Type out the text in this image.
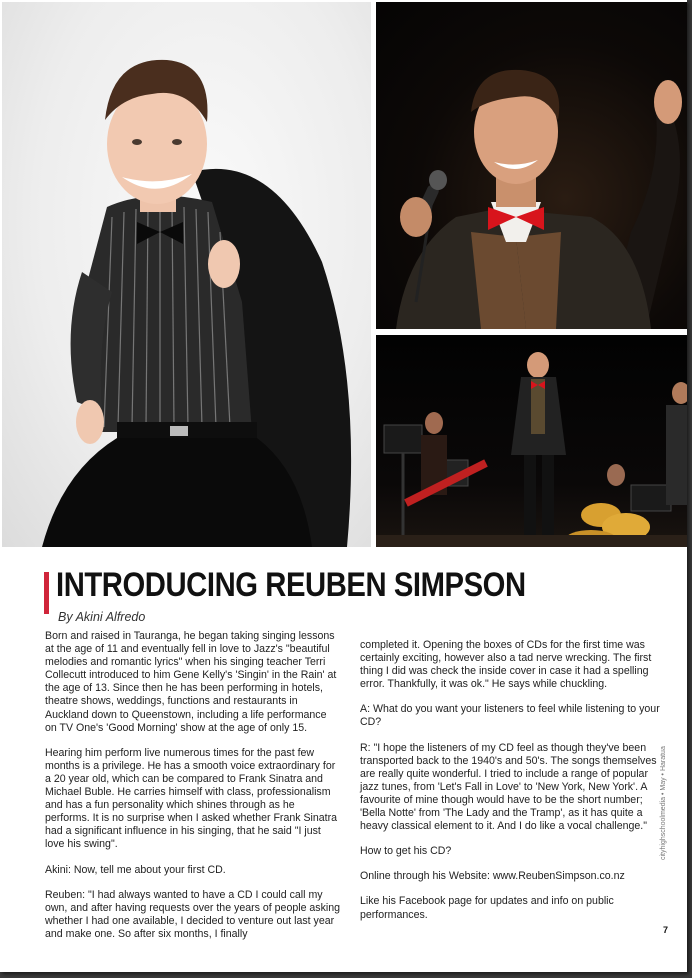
INTRODUCING REUBEN SIMPSON
By Akini Alfredo

Born and raised in Tauranga, he began taking singing lessons at the age of 11 and eventually fell in love to Jazz's "beautiful melodies and romantic lyrics" when his singing teacher Terri Collecutt introduced to him Gene Kelly's 'Singin' in the Rain' at the age of 13. Since then he has been performing in hotels, theatre shows, weddings, functions and restaurants in Auckland down to Queenstown, including a life performance on TV One's 'Good Morning' show at the age of only 15.

Hearing him perform live numerous times for the past few months is a privilege. He has a smooth voice extraordinary for a 20 year old, which can be compared to Frank Sinatra and Michael Buble. He carries himself with class, professionalism and has a fun personality which shines through as he performs. It is no surprise when I asked whether Frank Sinatra had a significant influence in his singing, that he said "I just love his swing".

Akini: Now, tell me about your first CD.

Reuben: "I had always wanted to have a CD I could call my own, and after having requests over the years of people asking whether I had one available, I decided to venture out last year and make one. So after six months, I finally

completed it. Opening the boxes of CDs for the first time was certainly exciting, however also a tad nerve wrecking. The first thing I did was check the inside cover in case it had a spelling error. Thankfully, it was ok." He says while chuckling.

A: What do you want your listeners to feel while listening to your CD?

R: "I hope the listeners of my CD feel as though they've been transported back to the 1940's and 50's. The songs themselves are really quite wonderful. I tried to include a range of popular jazz tunes, from 'Let's Fall in Love' to 'New York, New York'. A favourite of mine though would have to be the short number; 'Bella Notte' from 'The Lady and the Tramp', as it has quite a heavy classical element to it. And I do like a vocal challenge."

How to get his CD?

Online through his Website: www.ReubenSimpson.co.nz

Like his Facebook page for updates and info on public performances.

cityhighschoolmedia • May • Haratua
7
